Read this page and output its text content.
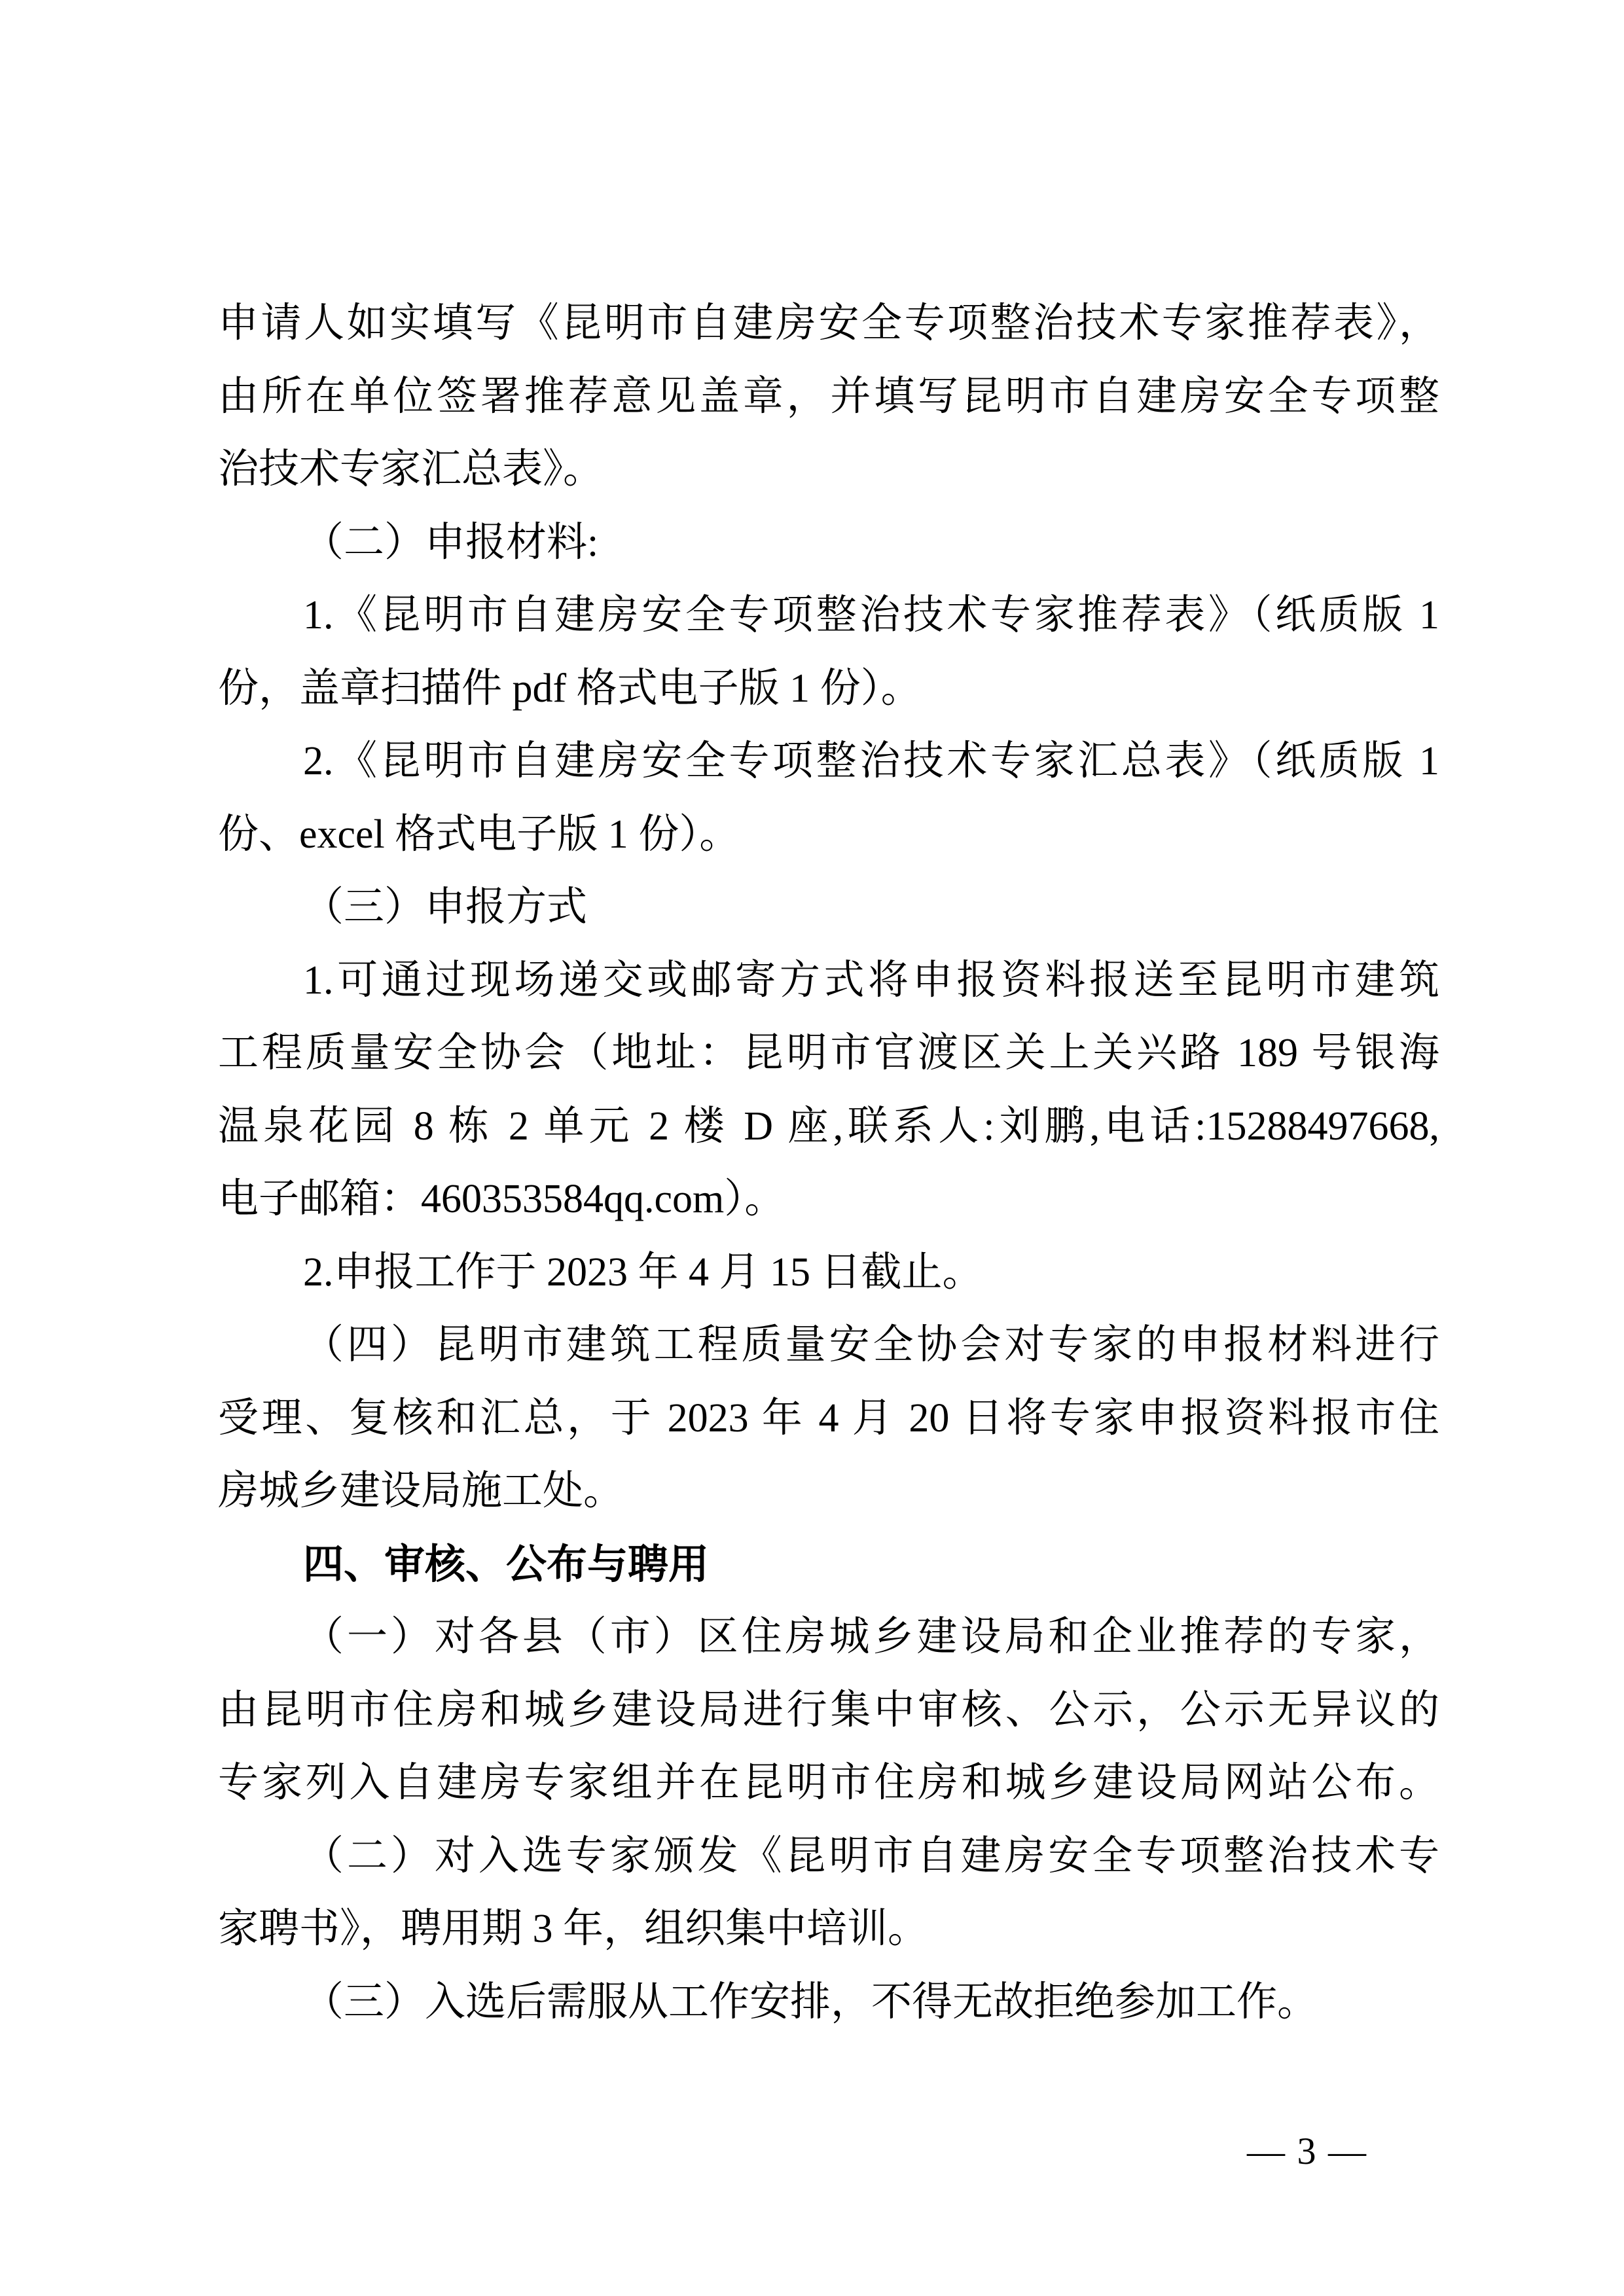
申请人如实填写《昆明市自建房安全专项整治技术专家推荐表》，
由所在单位签署推荐意见盖章，并填写昆明市自建房安全专项整
治技术专家汇总表》。
（二）申报材料:
1.《昆明市自建房安全专项整治技术专家推荐表》（纸质版 1
份，盖章扫描件 pdf 格式电子版 1 份）。
2.《昆明市自建房安全专项整治技术专家汇总表》（纸质版 1
份、excel 格式电子版 1 份）。
（三）申报方式
1.可通过现场递交或邮寄方式将申报资料报送至昆明市建筑
工程质量安全协会（地址：昆明市官渡区关上关兴路 189 号银海
温泉花园 8 栋 2 单元 2 楼 D 座,联系人:刘鹏,电话:15288497668,
电子邮箱：460353584qq.com）。
2.申报工作于 2023 年 4 月 15 日截止。
（四）昆明市建筑工程质量安全协会对专家的申报材料进行
受理、复核和汇总，于 2023 年 4 月 20 日将专家申报资料报市住
房城乡建设局施工处。
四、审核、公布与聘用
（一）对各县（市）区住房城乡建设局和企业推荐的专家，
由昆明市住房和城乡建设局进行集中审核、公示，公示无异议的
专家列入自建房专家组并在昆明市住房和城乡建设局网站公布。
（二）对入选专家颁发《昆明市自建房安全专项整治技术专
家聘书》，聘用期 3 年，组织集中培训。
（三）入选后需服从工作安排，不得无故拒绝参加工作。
— 3 —
